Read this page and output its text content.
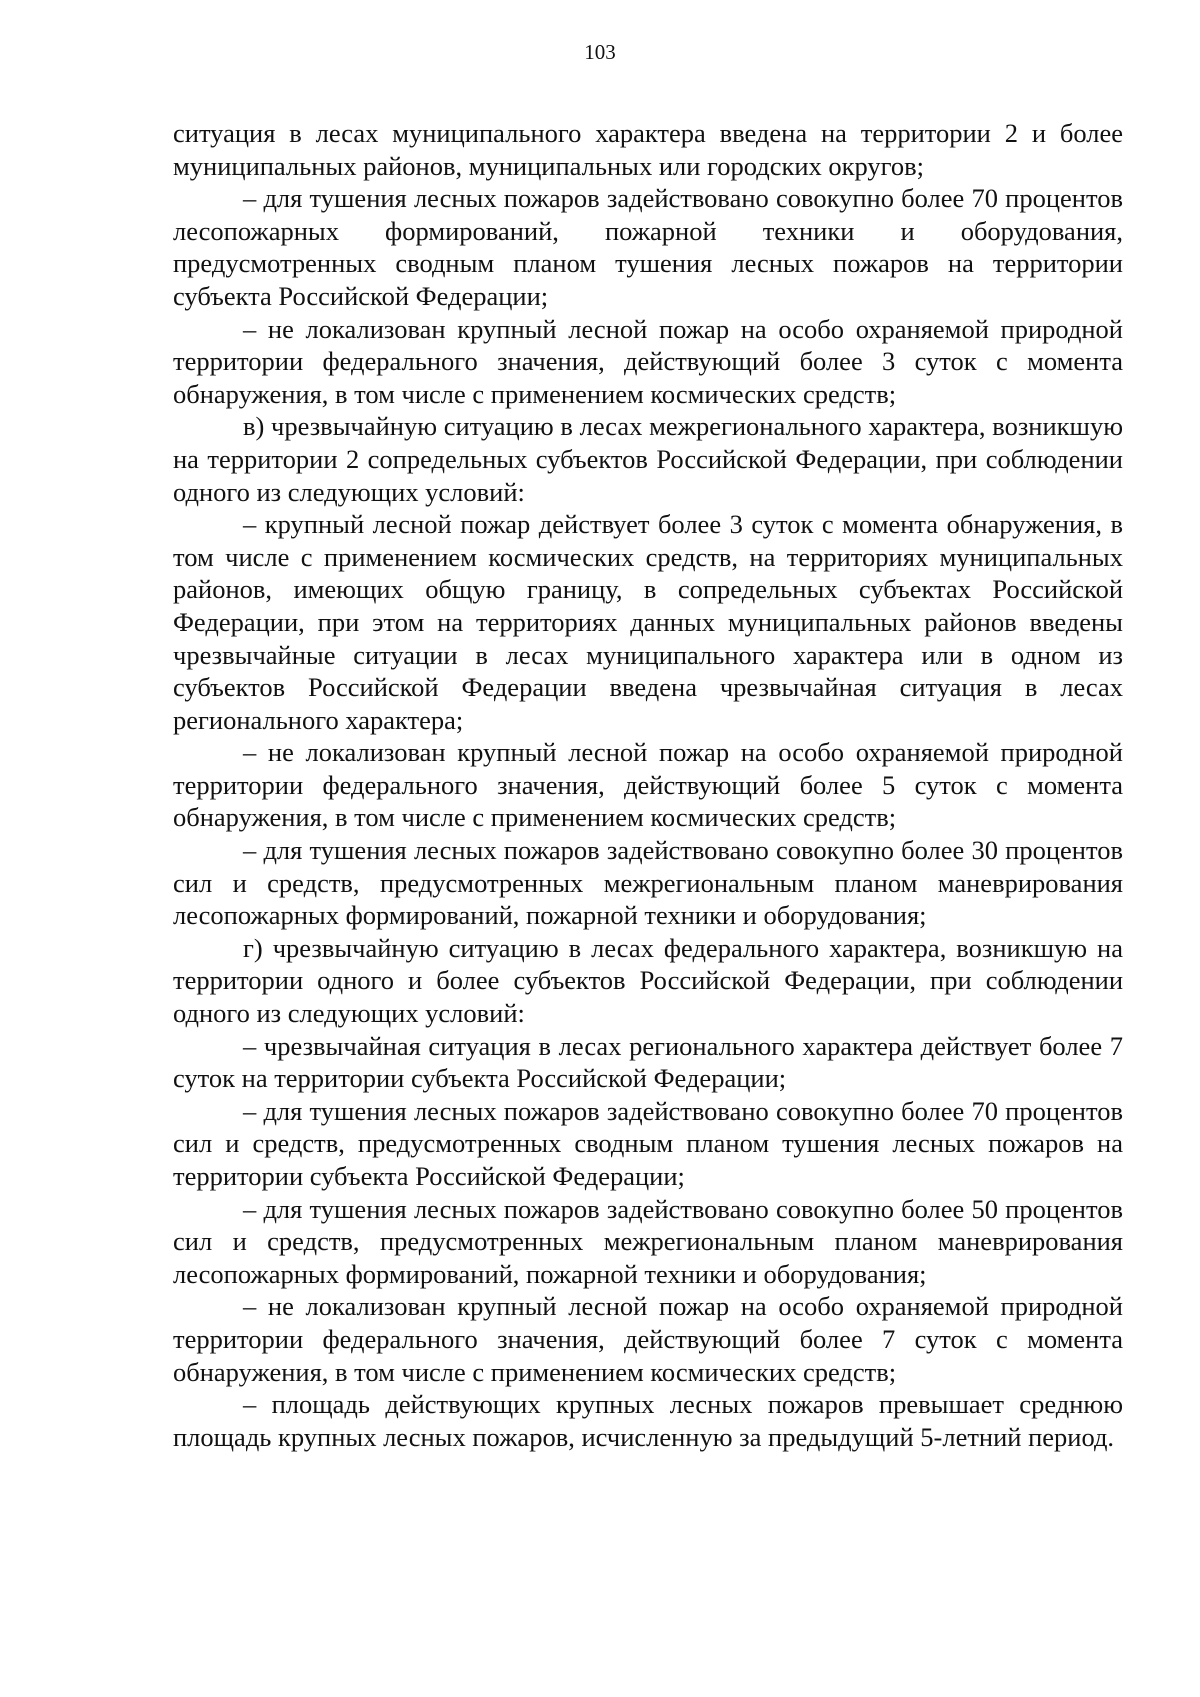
103

ситуация в лесах муниципального характера введена на территории 2 и более муниципальных районов, муниципальных или городских округов;

– для тушения лесных пожаров задействовано совокупно более 70 процентов лесопожарных формирований, пожарной техники и оборудования, предусмотренных сводным планом тушения лесных пожаров на территории субъекта Российской Федерации;

– не локализован крупный лесной пожар на особо охраняемой природной территории федерального значения, действующий более 3 суток с момента обнаружения, в том числе с применением космических средств;

в) чрезвычайную ситуацию в лесах межрегионального характера, возникшую на территории 2 сопредельных субъектов Российской Федерации, при соблюдении одного из следующих условий:

– крупный лесной пожар действует более 3 суток с момента обнаружения, в том числе с применением космических средств, на территориях муниципальных районов, имеющих общую границу, в сопредельных субъектах Российской Федерации, при этом на территориях данных муниципальных районов введены чрезвычайные ситуации в лесах муниципального характера или в одном из субъектов Российской Федерации введена чрезвычайная ситуация в лесах регионального характера;

– не локализован крупный лесной пожар на особо охраняемой природной территории федерального значения, действующий более 5 суток с момента обнаружения, в том числе с применением космических средств;

– для тушения лесных пожаров задействовано совокупно более 30 процентов сил и средств, предусмотренных межрегиональным планом маневрирования лесопожарных формирований, пожарной техники и оборудования;

г) чрезвычайную ситуацию в лесах федерального характера, возникшую на территории одного и более субъектов Российской Федерации, при соблюдении одного из следующих условий:

– чрезвычайная ситуация в лесах регионального характера действует более 7 суток на территории субъекта Российской Федерации;

– для тушения лесных пожаров задействовано совокупно более 70 процентов сил и средств, предусмотренных сводным планом тушения лесных пожаров на территории субъекта Российской Федерации;

– для тушения лесных пожаров задействовано совокупно более 50 процентов сил и средств, предусмотренных межрегиональным планом маневрирования лесопожарных формирований, пожарной техники и оборудования;

– не локализован крупный лесной пожар на особо охраняемой природной территории федерального значения, действующий более 7 суток с момента обнаружения, в том числе с применением космических средств;

– площадь действующих крупных лесных пожаров превышает среднюю площадь крупных лесных пожаров, исчисленную за предыдущий 5-летний период.
